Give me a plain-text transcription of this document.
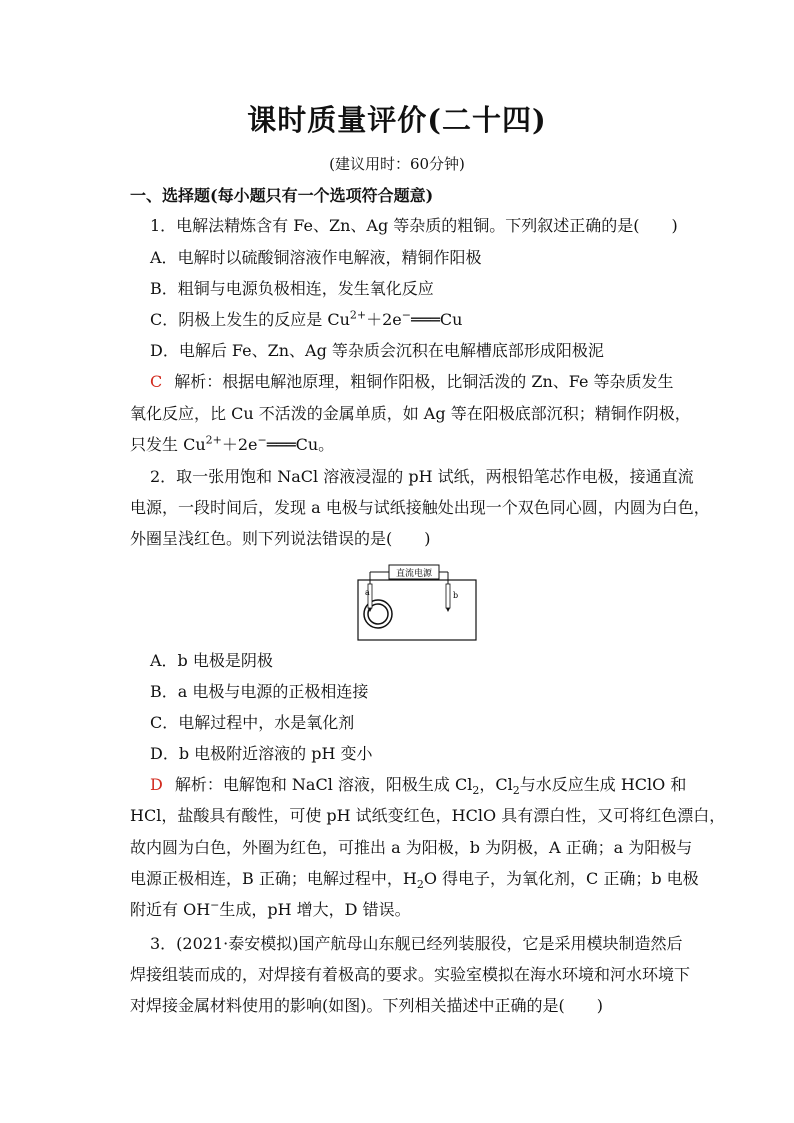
课时质量评价(二十四)
(建议用时：60分钟)
一、选择题(每小题只有一个选项符合题意)
1．电解法精炼含有 Fe、Zn、Ag 等杂质的粗铜。下列叙述正确的是(　　)
A．电解时以硫酸铜溶液作电解液，精铜作阳极
B．粗铜与电源负极相连，发生氧化反应
C．阴极上发生的反应是 $Cu^{2+}+2e^-═══Cu$
D．电解后 Fe、Zn、Ag 等杂质会沉积在电解槽底部形成阳极泥
C 解析：根据电解池原理，粗铜作阳极，比铜活泼的 Zn、Fe 等杂质发生
氧化反应，比 Cu 不活泼的金属单质，如 Ag 等在阳极底部沉积；精铜作阴极，
只发生 $Cu^{2+}+2e^-═══Cu$。
2．取一张用饱和 NaCl 溶液浸湿的 pH 试纸，两根铅笔芯作电极，接通直流
电源，一段时间后，发现 a 电极与试纸接触处出现一个双色同心圆，内圆为白色，
外圈呈浅红色。则下列说法错误的是(　　)
直流电源
a	b
A．b 电极是阴极
B．a 电极与电源的正极相连接
C．电解过程中，水是氧化剂
D．b 电极附近溶液的 pH 变小
D 解析：电解饱和 NaCl 溶液，阳极生成 $Cl_2$，$Cl_2$与水反应生成 HClO 和
HCl，盐酸具有酸性，可使 pH 试纸变红色，HClO 具有漂白性，又可将红色漂白，
故内圆为白色，外圈为红色，可推出 a 为阳极，b 为阴极，A 正确；a 为阳极与
电源正极相连，B 正确；电解过程中，$H_2O$ 得电子，为氧化剂，C 正确；b 电极
附近有 OH−生成，pH 增大，D 错误。
3．(2021·泰安模拟)国产航母山东舰已经列装服役，它是采用模块制造然后
焊接组装而成的，对焊接有着极高的要求。实验室模拟在海水环境和河水环境下
对焊接金属材料使用的影响(如图)。下列相关描述中正确的是(　　)
